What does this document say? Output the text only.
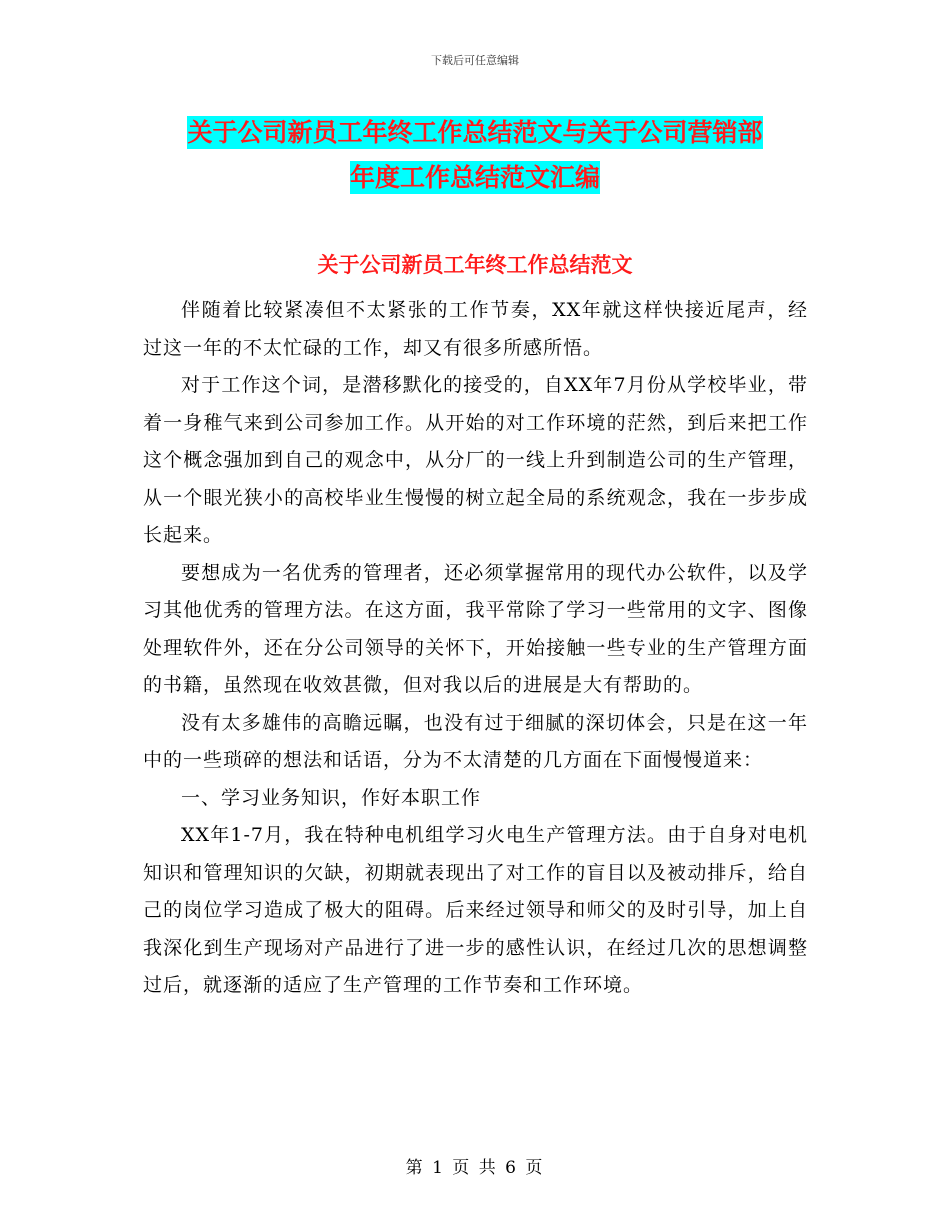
下载后可任意编辑
关于公司新员工年终工作总结范文与关于公司营销部
年度工作总结范文汇编
关于公司新员工年终工作总结范文

伴随着比较紧凑但不太紧张的工作节奏，XX年就这样快接近尾声，经过这一年的不太忙碌的工作，却又有很多所感所悟。

对于工作这个词，是潜移默化的接受的，自XX年7月份从学校毕业，带着一身稚气来到公司参加工作。从开始的对工作环境的茫然，到后来把工作这个概念强加到自己的观念中，从分厂的一线上升到制造公司的生产管理，从一个眼光狭小的高校毕业生慢慢的树立起全局的系统观念，我在一步步成长起来。

要想成为一名优秀的管理者，还必须掌握常用的现代办公软件，以及学习其他优秀的管理方法。在这方面，我平常除了学习一些常用的文字、图像处理软件外，还在分公司领导的关怀下，开始接触一些专业的生产管理方面的书籍，虽然现在收效甚微，但对我以后的进展是大有帮助的。

没有太多雄伟的高瞻远瞩，也没有过于细腻的深切体会，只是在这一年中的一些琐碎的想法和话语，分为不太清楚的几方面在下面慢慢道来：

一、学习业务知识，作好本职工作

XX年1-7月，我在特种电机组学习火电生产管理方法。由于自身对电机知识和管理知识的欠缺，初期就表现出了对工作的盲目以及被动排斥，给自己的岗位学习造成了极大的阻碍。后来经过领导和师父的及时引导，加上自我深化到生产现场对产品进行了进一步的感性认识，在经过几次的思想调整过后，就逐渐的适应了生产管理的工作节奏和工作环境。

第 1 页 共 6 页
